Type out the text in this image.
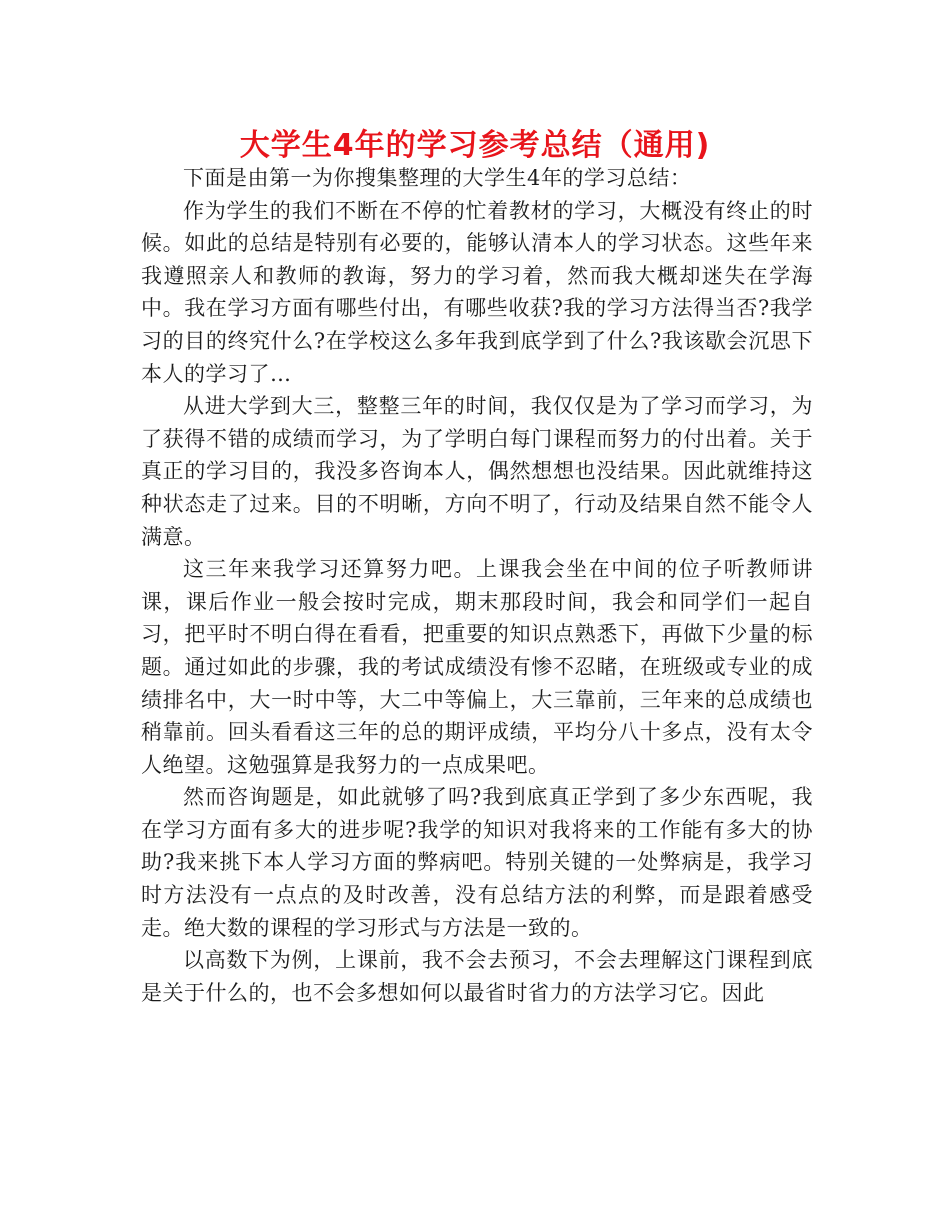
大学生4年的学习参考总结（通用)

下面是由第一为你搜集整理的大学生4年的学习总结：

作为学生的我们不断在不停的忙着教材的学习，大概没有终止的时候。如此的总结是特别有必要的，能够认清本人的学习状态。这些年来我遵照亲人和教师的教诲，努力的学习着，然而我大概却迷失在学海中。我在学习方面有哪些付出，有哪些收获?我的学习方法得当否?我学习的目的终究什么?在学校这么多年我到底学到了什么?我该歇会沉思下本人的学习了…

从进大学到大三，整整三年的时间，我仅仅是为了学习而学习，为了获得不错的成绩而学习，为了学明白每门课程而努力的付出着。关于真正的学习目的，我没多咨询本人，偶然想想也没结果。因此就维持这种状态走了过来。目的不明晰，方向不明了，行动及结果自然不能令人满意。

这三年来我学习还算努力吧。上课我会坐在中间的位子听教师讲课，课后作业一般会按时完成，期末那段时间，我会和同学们一起自习，把平时不明白得在看看，把重要的知识点熟悉下，再做下少量的标题。通过如此的步骤，我的考试成绩没有惨不忍睹，在班级或专业的成绩排名中，大一时中等，大二中等偏上，大三靠前，三年来的总成绩也稍靠前。回头看看这三年的总的期评成绩，平均分八十多点，没有太令人绝望。这勉强算是我努力的一点成果吧。

然而咨询题是，如此就够了吗?我到底真正学到了多少东西呢，我在学习方面有多大的进步呢?我学的知识对我将来的工作能有多大的协助?我来挑下本人学习方面的弊病吧。特别关键的一处弊病是，我学习时方法没有一点点的及时改善，没有总结方法的利弊，而是跟着感受走。绝大数的课程的学习形式与方法是一致的。

以高数下为例，上课前，我不会去预习，不会去理解这门课程到底是关于什么的，也不会多想如何以最省时省力的方法学习它。因此
